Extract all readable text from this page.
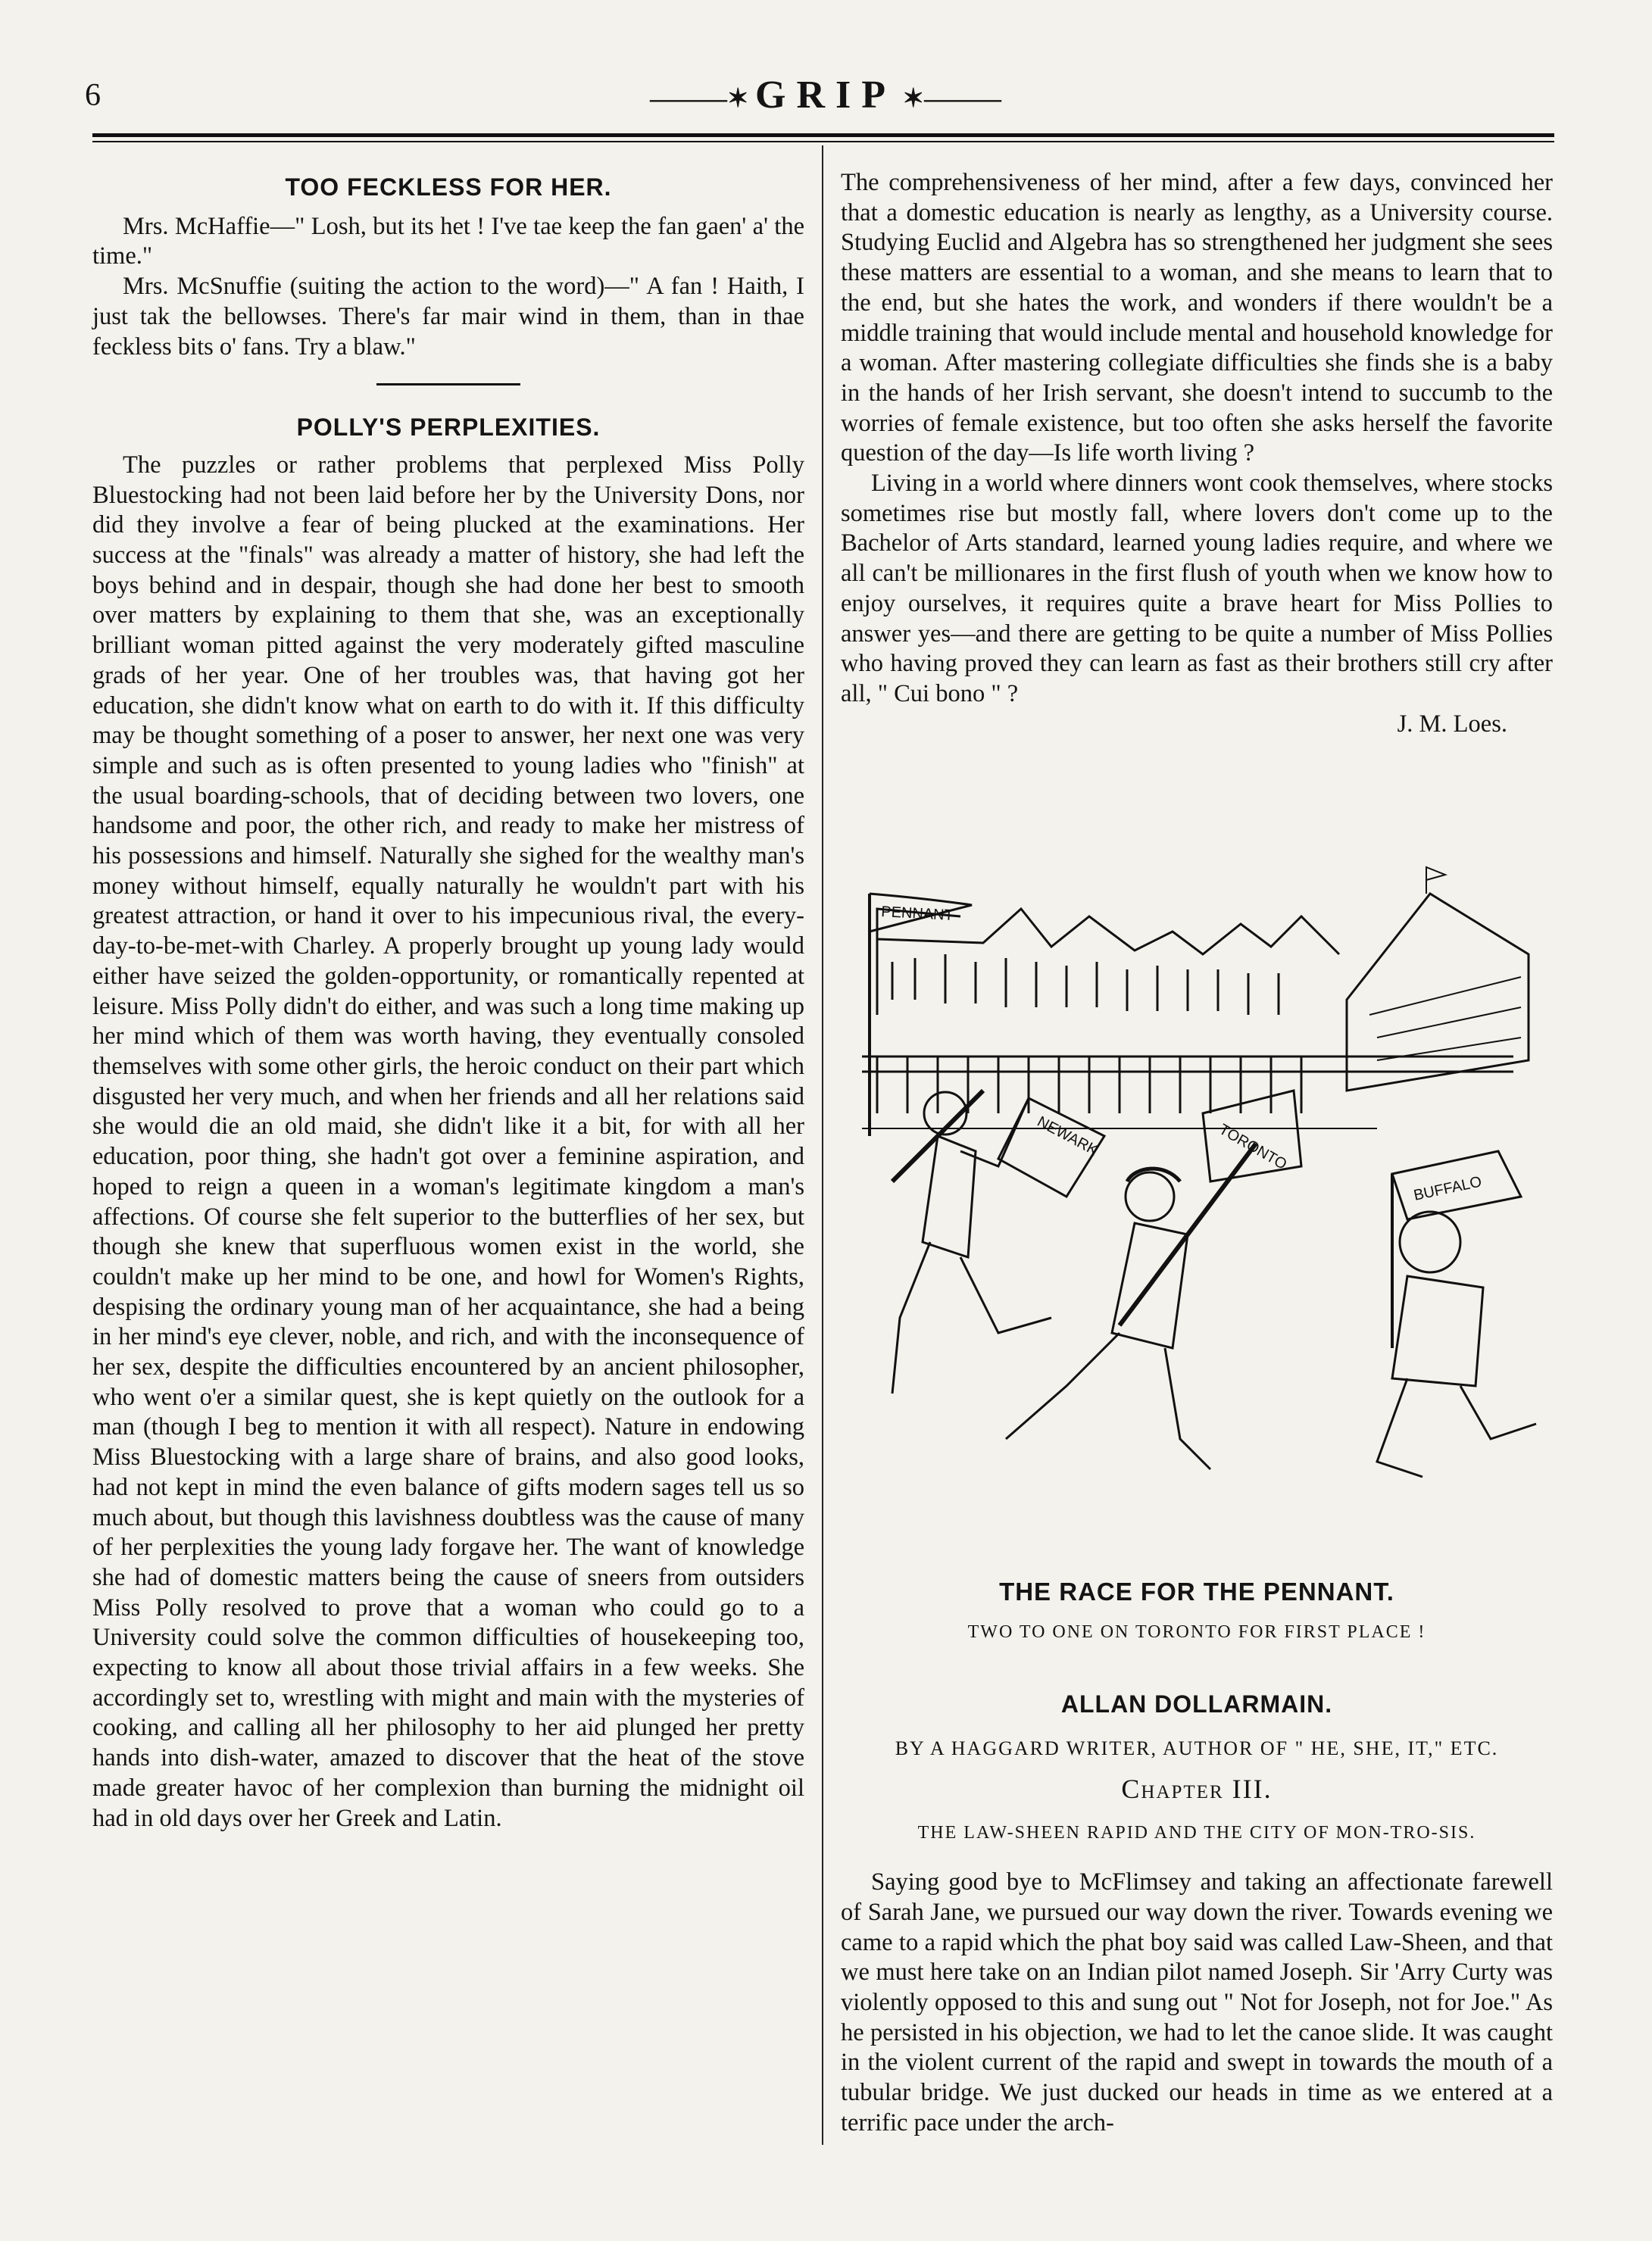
6	———✶ GRIP ✶———
TOO FECKLESS FOR HER.

Mrs. McHaffie—" Losh, but its het ! I've tae keep the fan gaen' a' the time."

Mrs. McSnuffie (suiting the action to the word)—" A fan ! Haith, I just tak the bellowses. There's far mair wind in them, than in thae feckless bits o' fans. Try a blaw."

POLLY'S PERPLEXITIES.

The puzzles or rather problems that perplexed Miss Polly Bluestocking had not been laid before her by the University Dons, nor did they involve a fear of being plucked at the examinations. Her success at the "finals" was already a matter of history, she had left the boys behind and in despair, though she had done her best to smooth over matters by explaining to them that she, was an exceptionally brilliant woman pitted against the very moderately gifted masculine grads of her year. One of her troubles was, that having got her education, she didn't know what on earth to do with it. If this difficulty may be thought something of a poser to answer, her next one was very simple and such as is often presented to young ladies who "finish" at the usual boarding-schools, that of deciding between two lovers, one handsome and poor, the other rich, and ready to make her mistress of his possessions and himself. Naturally she sighed for the wealthy man's money without himself, equally naturally he wouldn't part with his greatest attraction, or hand it over to his impecunious rival, the every-day-to-be-met-with Charley. A properly brought up young lady would either have seized the golden-opportunity, or romantically repented at leisure. Miss Polly didn't do either, and was such a long time making up her mind which of them was worth having, they eventually consoled themselves with some other girls, the heroic conduct on their part which disgusted her very much, and when her friends and all her relations said she would die an old maid, she didn't like it a bit, for with all her education, poor thing, she hadn't got over a feminine aspiration, and hoped to reign a queen in a woman's legitimate kingdom a man's affections. Of course she felt superior to the butterflies of her sex, but though she knew that superfluous women exist in the world, she couldn't make up her mind to be one, and howl for Women's Rights, despising the ordinary young man of her acquaintance, she had a being in her mind's eye clever, noble, and rich, and with the inconsequence of her sex, despite the difficulties encountered by an ancient philosopher, who went o'er a similar quest, she is kept quietly on the outlook for a man (though I beg to mention it with all respect). Nature in endowing Miss Bluestocking with a large share of brains, and also good looks, had not kept in mind the even balance of gifts modern sages tell us so much about, but though this lavishness doubtless was the cause of many of her perplexities the young lady forgave her. The want of knowledge she had of domestic matters being the cause of sneers from outsiders Miss Polly resolved to prove that a woman who could go to a University could solve the common difficulties of housekeeping too, expecting to know all about those trivial affairs in a few weeks. She accordingly set to, wrestling with might and main with the mysteries of cooking, and calling all her philosophy to her aid plunged her pretty hands into dish-water, amazed to discover that the heat of the stove made greater havoc of her complexion than burning the midnight oil had in old days over her Greek and Latin.

The comprehensiveness of her mind, after a few days, convinced her that a domestic education is nearly as lengthy, as a University course. Studying Euclid and Algebra has so strengthened her judgment she sees these matters are essential to a woman, and she means to learn that to the end, but she hates the work, and wonders if there wouldn't be a middle training that would include mental and household knowledge for a woman. After mastering collegiate difficulties she finds she is a baby in the hands of her Irish servant, she doesn't intend to succumb to the worries of female existence, but too often she asks herself the favorite question of the day—Is life worth living ?

Living in a world where dinners wont cook themselves, where stocks sometimes rise but mostly fall, where lovers don't come up to the Bachelor of Arts standard, learned young ladies require, and where we all can't be millionares in the first flush of youth when we know how to enjoy ourselves, it requires quite a brave heart for Miss Pollies to answer yes—and there are getting to be quite a number of Miss Pollies who having proved they can learn as fast as their brothers still cry after all, " Cui bono " ?

J. M. Loes.
PENNANT
NEWARK	TORONTO
BUFFALO
THE RACE FOR THE PENNANT.
TWO TO ONE ON TORONTO FOR FIRST PLACE !
ALLAN DOLLARMAIN.
BY A HAGGARD WRITER, AUTHOR OF " HE, SHE, IT," ETC.
Chapter III.
THE LAW-SHEEN RAPID AND THE CITY OF MON-TRO-SIS.

Saying good bye to McFlimsey and taking an affectionate farewell of Sarah Jane, we pursued our way down the river. Towards evening we came to a rapid which the phat boy said was called Law-Sheen, and that we must here take on an Indian pilot named Joseph. Sir 'Arry Curty was violently opposed to this and sung out " Not for Joseph, not for Joe." As he persisted in his objection, we had to let the canoe slide. It was caught in the violent current of the rapid and swept in towards the mouth of a tubular bridge. We just ducked our heads in time as we entered at a terrific pace under the arch-
